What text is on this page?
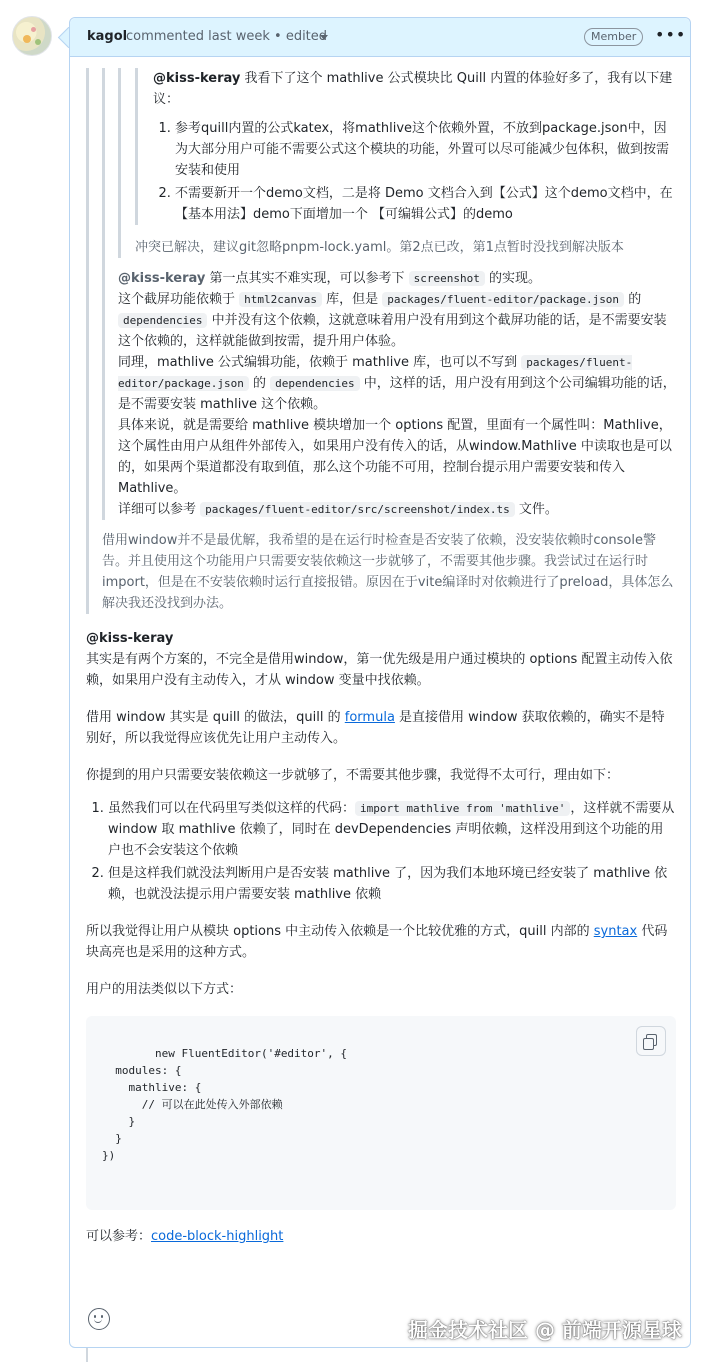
kagol
commented last week • edited	Member	•••

@kiss-keray 我看下了这个 mathlive 公式模块比 Quill 内置的体验好多了，我有以下建议：

1. 参考quill内置的公式katex，将mathlive这个依赖外置，不放到package.json中，因为大部分用户可能不需要公式这个模块的功能，外置可以尽可能减少包体积，做到按需安装和使用
2. 不需要新开一个demo文档，二是将 Demo 文档合入到【公式】这个demo文档中，在【基本用法】demo下面增加一个 【可编辑公式】的demo

冲突已解决，建议git忽略pnpm-lock.yaml。第2点已改，第1点暂时没找到解决版本

@kiss-keray 第一点其实不难实现，可以参考下 screenshot 的实现。
这个截屏功能依赖于 html2canvas 库，但是 packages/fluent-editor/package.json 的 dependencies 中并没有这个依赖，这就意味着用户没有用到这个截屏功能的话，是不需要安装这个依赖的，这样就能做到按需，提升用户体验。
同理，mathlive 公式编辑功能，依赖于 mathlive 库，也可以不写到 packages/fluent-editor/package.json 的 dependencies 中，这样的话，用户没有用到这个公司编辑功能的话，是不需要安装 mathlive 这个依赖。
具体来说，就是需要给 mathlive 模块增加一个 options 配置，里面有一个属性叫：Mathlive，这个属性由用户从组件外部传入，如果用户没有传入的话，从window.Mathlive 中读取也是可以的，如果两个渠道都没有取到值，那么这个功能不可用，控制台提示用户需要安装和传入 Mathlive。
详细可以参考 packages/fluent-editor/src/screenshot/index.ts 文件。

借用window并不是最优解，我希望的是在运行时检查是否安装了依赖，没安装依赖时console警告。并且使用这个功能用户只需要安装依赖这一步就够了，不需要其他步骤。我尝试过在运行时import，但是在不安装依赖时运行直接报错。原因在于vite编译时对依赖进行了preload，具体怎么解决我还没找到办法。

@kiss-keray
其实是有两个方案的，不完全是借用window，第一优先级是用户通过模块的 options 配置主动传入依赖，如果用户没有主动传入，才从 window 变量中找依赖。

借用 window 其实是 quill 的做法，quill 的 formula 是直接借用 window 获取依赖的，确实不是特别好，所以我觉得应该优先让用户主动传入。

你提到的用户只需要安装依赖这一步就够了，不需要其他步骤，我觉得不太可行，理由如下：

1. 虽然我们可以在代码里写类似这样的代码： import mathlive from 'mathlive' ，这样就不需要从 window 取 mathlive 依赖了，同时在 devDependencies 声明依赖，这样没用到这个功能的用户也不会安装这个依赖
2. 但是这样我们就没法判断用户是否安装 mathlive 了，因为我们本地环境已经安装了 mathlive 依赖，也就没法提示用户需要安装 mathlive 依赖

所以我觉得让用户从模块 options 中主动传入依赖是一个比较优雅的方式，quill 内部的 syntax 代码块高亮也是采用的这种方式。

用户的用法类似以下方式：

new FluentEditor('#editor', {
modules: {
mathlive: {
// 可以在此处传入外部依赖
}
}
})

可以参考：code-block-highlight

掘金技术社区 @ 前端开源星球
